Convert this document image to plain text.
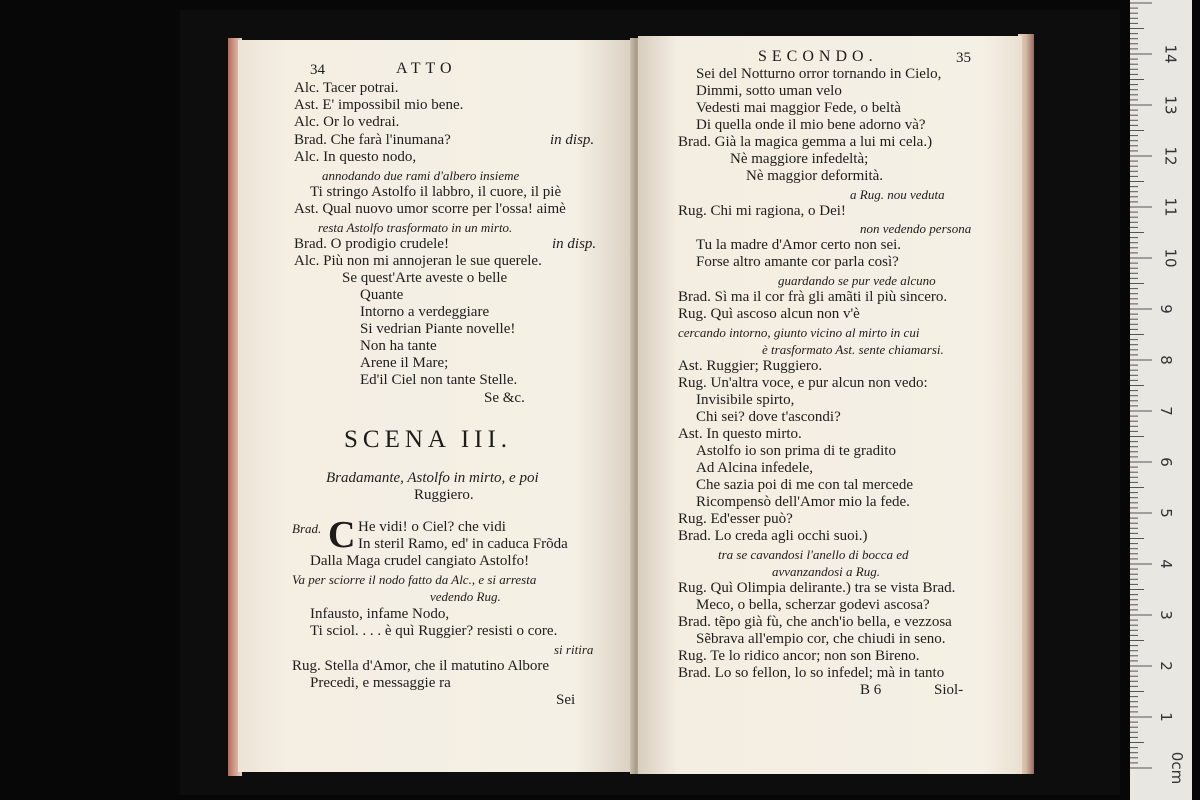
34	ATTO
Alc. Tacer potrai.
Ast. E' impossibil mio bene.
Alc. Or lo vedrai.
Brad. Che farà l'inumana?	in disp.
Alc. In questo nodo,
annodando due rami d'albero insieme
Ti stringo Astolfo il labbro, il cuore, il piè
Ast. Qual nuovo umor scorre per l'ossa! aimè
resta Astolfo trasformato in un mirto.
Brad. O prodigio crudele!	in disp.
Alc. Più non mi annojeran le sue querele.
Se quest'Arte aveste o belle
Quante
Intorno a verdeggiare
Si vedrian Piante novelle!
Non ha tante
Arene il Mare;
Ed'il Ciel non tante Stelle.
Se &c.
SCENA III.
Bradamante, Astolfo in mirto, e poi
Ruggiero.
Brad. C He vidi! o Ciel? che vidi
In steril Ramo, ed' in caduca Frõda
Dalla Maga crudel cangiato Astolfo!
Va per sciorre il nodo fatto da Alc., e si arresta
vedendo Rug.
Infausto, infame Nodo,
Ti sciol. . . . è quì Ruggier? resisti o core.
si ritira
Rug. Stella d'Amor, che il matutino Albore
Precedi, e messaggie ra
Sei
SECONDO.	35
Sei del Notturno orror tornando in Cielo,
Dimmi, sotto uman velo
Vedesti mai maggior Fede, o beltà
Di quella onde il mio bene adorno và?
Brad. Già la magica gemma a lui mi cela.)
Nè maggiore infedeltà;
Nè maggior deformità.
a Rug. nou veduta
Rug. Chi mi ragiona, o Dei!
non vedendo persona
Tu la madre d'Amor certo non sei.
Forse altro amante cor parla così?
guardando se pur vede alcuno
Brad. Sì ma il cor frà gli amãti il più sincero.
Rug. Quì ascoso alcun non v'è
cercando intorno, giunto vicino al mirto in cui
è trasformato Ast. sente chiamarsi.
Ast. Ruggier; Ruggiero.
Rug. Un'altra voce, e pur alcun non vedo:
Invisibile spirto,
Chi sei? dove t'ascondi?
Ast. In questo mirto.
Astolfo io son prima di te gradito
Ad Alcina infedele,
Che sazia poi di me con tal mercede
Ricompensò dell'Amor mio la fede.
Rug. Ed'esser può?
Brad. Lo creda agli occhi suoi.)
tra se cavandosi l'anello di bocca ed
avvanzandosi a Rug.
Rug. Quì Olimpia delirante.) tra se vista Brad.
Meco, o bella, scherzar godevi ascosa?
Brad. tẽpo già fù, che anch'io bella, e vezzosa
Sẽbrava all'empio cor, che chiudi in seno.
Rug. Te lo ridico ancor; non son Bireno.
Brad. Lo so fellon, lo so infedel; mà in tanto
B 6	Siol-
14
13
12
11
10
9
8
7
6
5
4
3
2
1
0cm
